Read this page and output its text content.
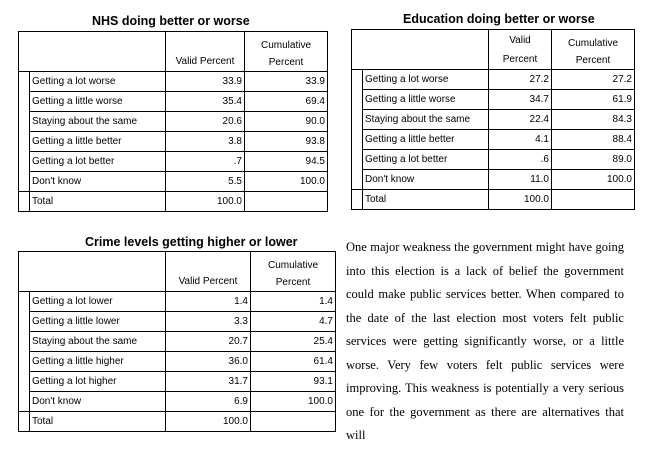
NHS doing better or worse
		Valid Percent	Cumulative Percent
	Getting a lot worse	33.9	33.9
	Getting a little worse	35.4	69.4
	Staying about the same	20.6	90.0
	Getting a little better	3.8	93.8
	Getting a lot better	.7	94.5
	Don't know	5.5	100.0
	Total	100.0	
Education doing better or worse
		Valid Percent	Cumulative Percent
	Getting a lot worse	27.2	27.2
	Getting a little worse	34.7	61.9
	Staying about the same	22.4	84.3
	Getting a little better	4.1	88.4
	Getting a lot better	.6	89.0
	Don't know	11.0	100.0
	Total	100.0	
Crime levels getting higher or lower
		Valid Percent	Cumulative Percent
	Getting a lot lower	1.4	1.4
	Getting a little lower	3.3	4.7
	Staying about the same	20.7	25.4
	Getting a little higher	36.0	61.4
	Getting a lot higher	31.7	93.1
	Don't know	6.9	100.0
	Total	100.0	
One major weakness the government might have going into this election is a lack of belief the government could make public services better. When compared to the date of the last election most voters felt public services were getting significantly worse, or a little worse. Very few voters felt public services were improving. This weakness is potentially a very serious one for the government as there are alternatives that will
